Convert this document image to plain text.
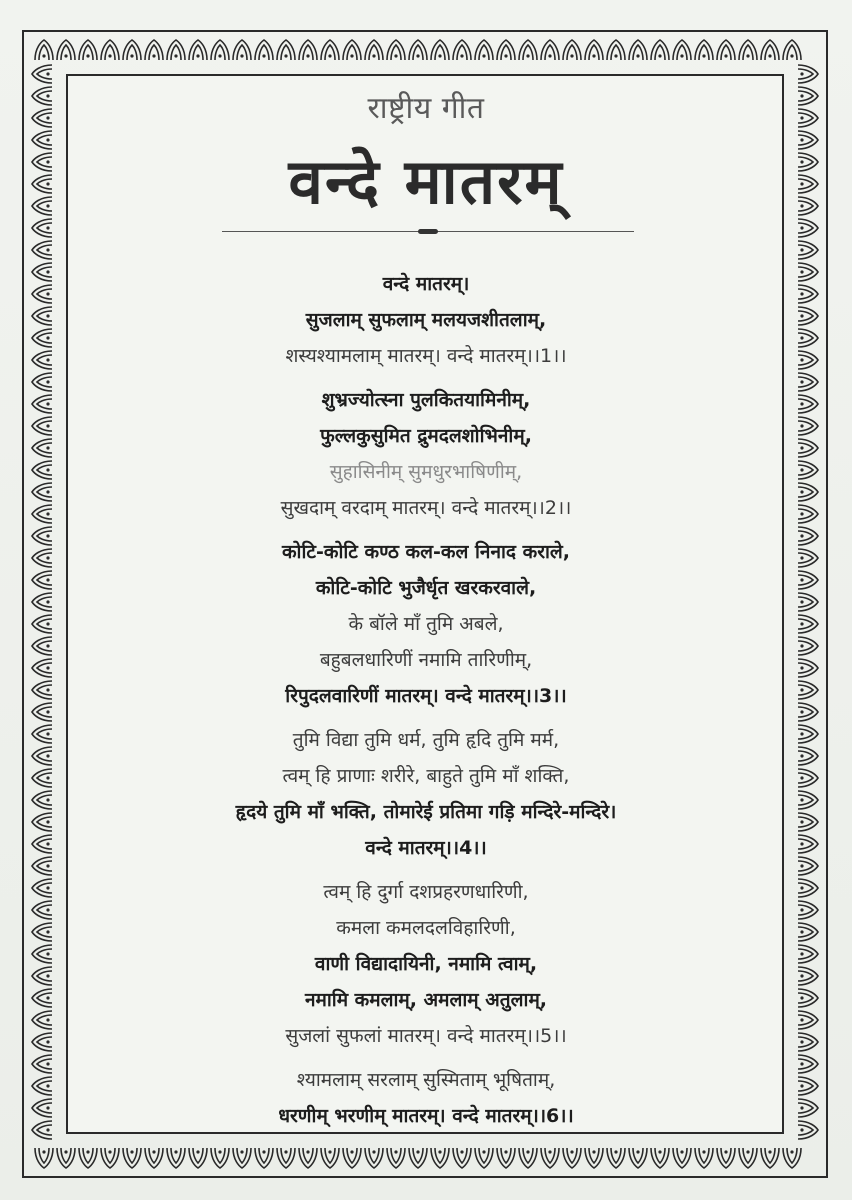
राष्ट्रीय गीत
वन्दे मातरम्
वन्दे मातरम्।
सुजलाम् सुफलाम् मलयजशीतलाम्,
शस्यश्यामलाम् मातरम्। वन्दे मातरम्।।1।।
शुभ्रज्योत्स्ना पुलकितयामिनीम्,
फुल्लकुसुमित द्रुमदलशोभिनीम्,
सुहासिनीम् सुमधुरभाषिणीम्,
सुखदाम् वरदाम् मातरम्। वन्दे मातरम्।।2।।
कोटि-कोटि कण्ठ कल-कल निनाद कराले,
कोटि-कोटि भुजैर्धृत खरकरवाले,
के बॉले माँ तुमि अबले,
बहुबलधारिणीं नमामि तारिणीम्,
रिपुदलवारिणीं मातरम्। वन्दे मातरम्।।3।।
तुमि विद्या तुमि धर्म, तुमि हृदि तुमि मर्म,
त्वम् हि प्राणाः शरीरे, बाहुते तुमि माँ शक्ति,
हृदये तुमि माँ भक्ति, तोमारेई प्रतिमा गड़ि मन्दिरे-मन्दिरे।
वन्दे मातरम्।।4।।
त्वम् हि दुर्गा दशप्रहरणधारिणी,
कमला कमलदलविहारिणी,
वाणी विद्यादायिनी, नमामि त्वाम्,
नमामि कमलाम्, अमलाम् अतुलाम्,
सुजलां सुफलां मातरम्। वन्दे मातरम्।।5।।
श्यामलाम् सरलाम् सुस्मिताम् भूषिताम्,
धरणीम् भरणीम् मातरम्। वन्दे मातरम्।।6।।
